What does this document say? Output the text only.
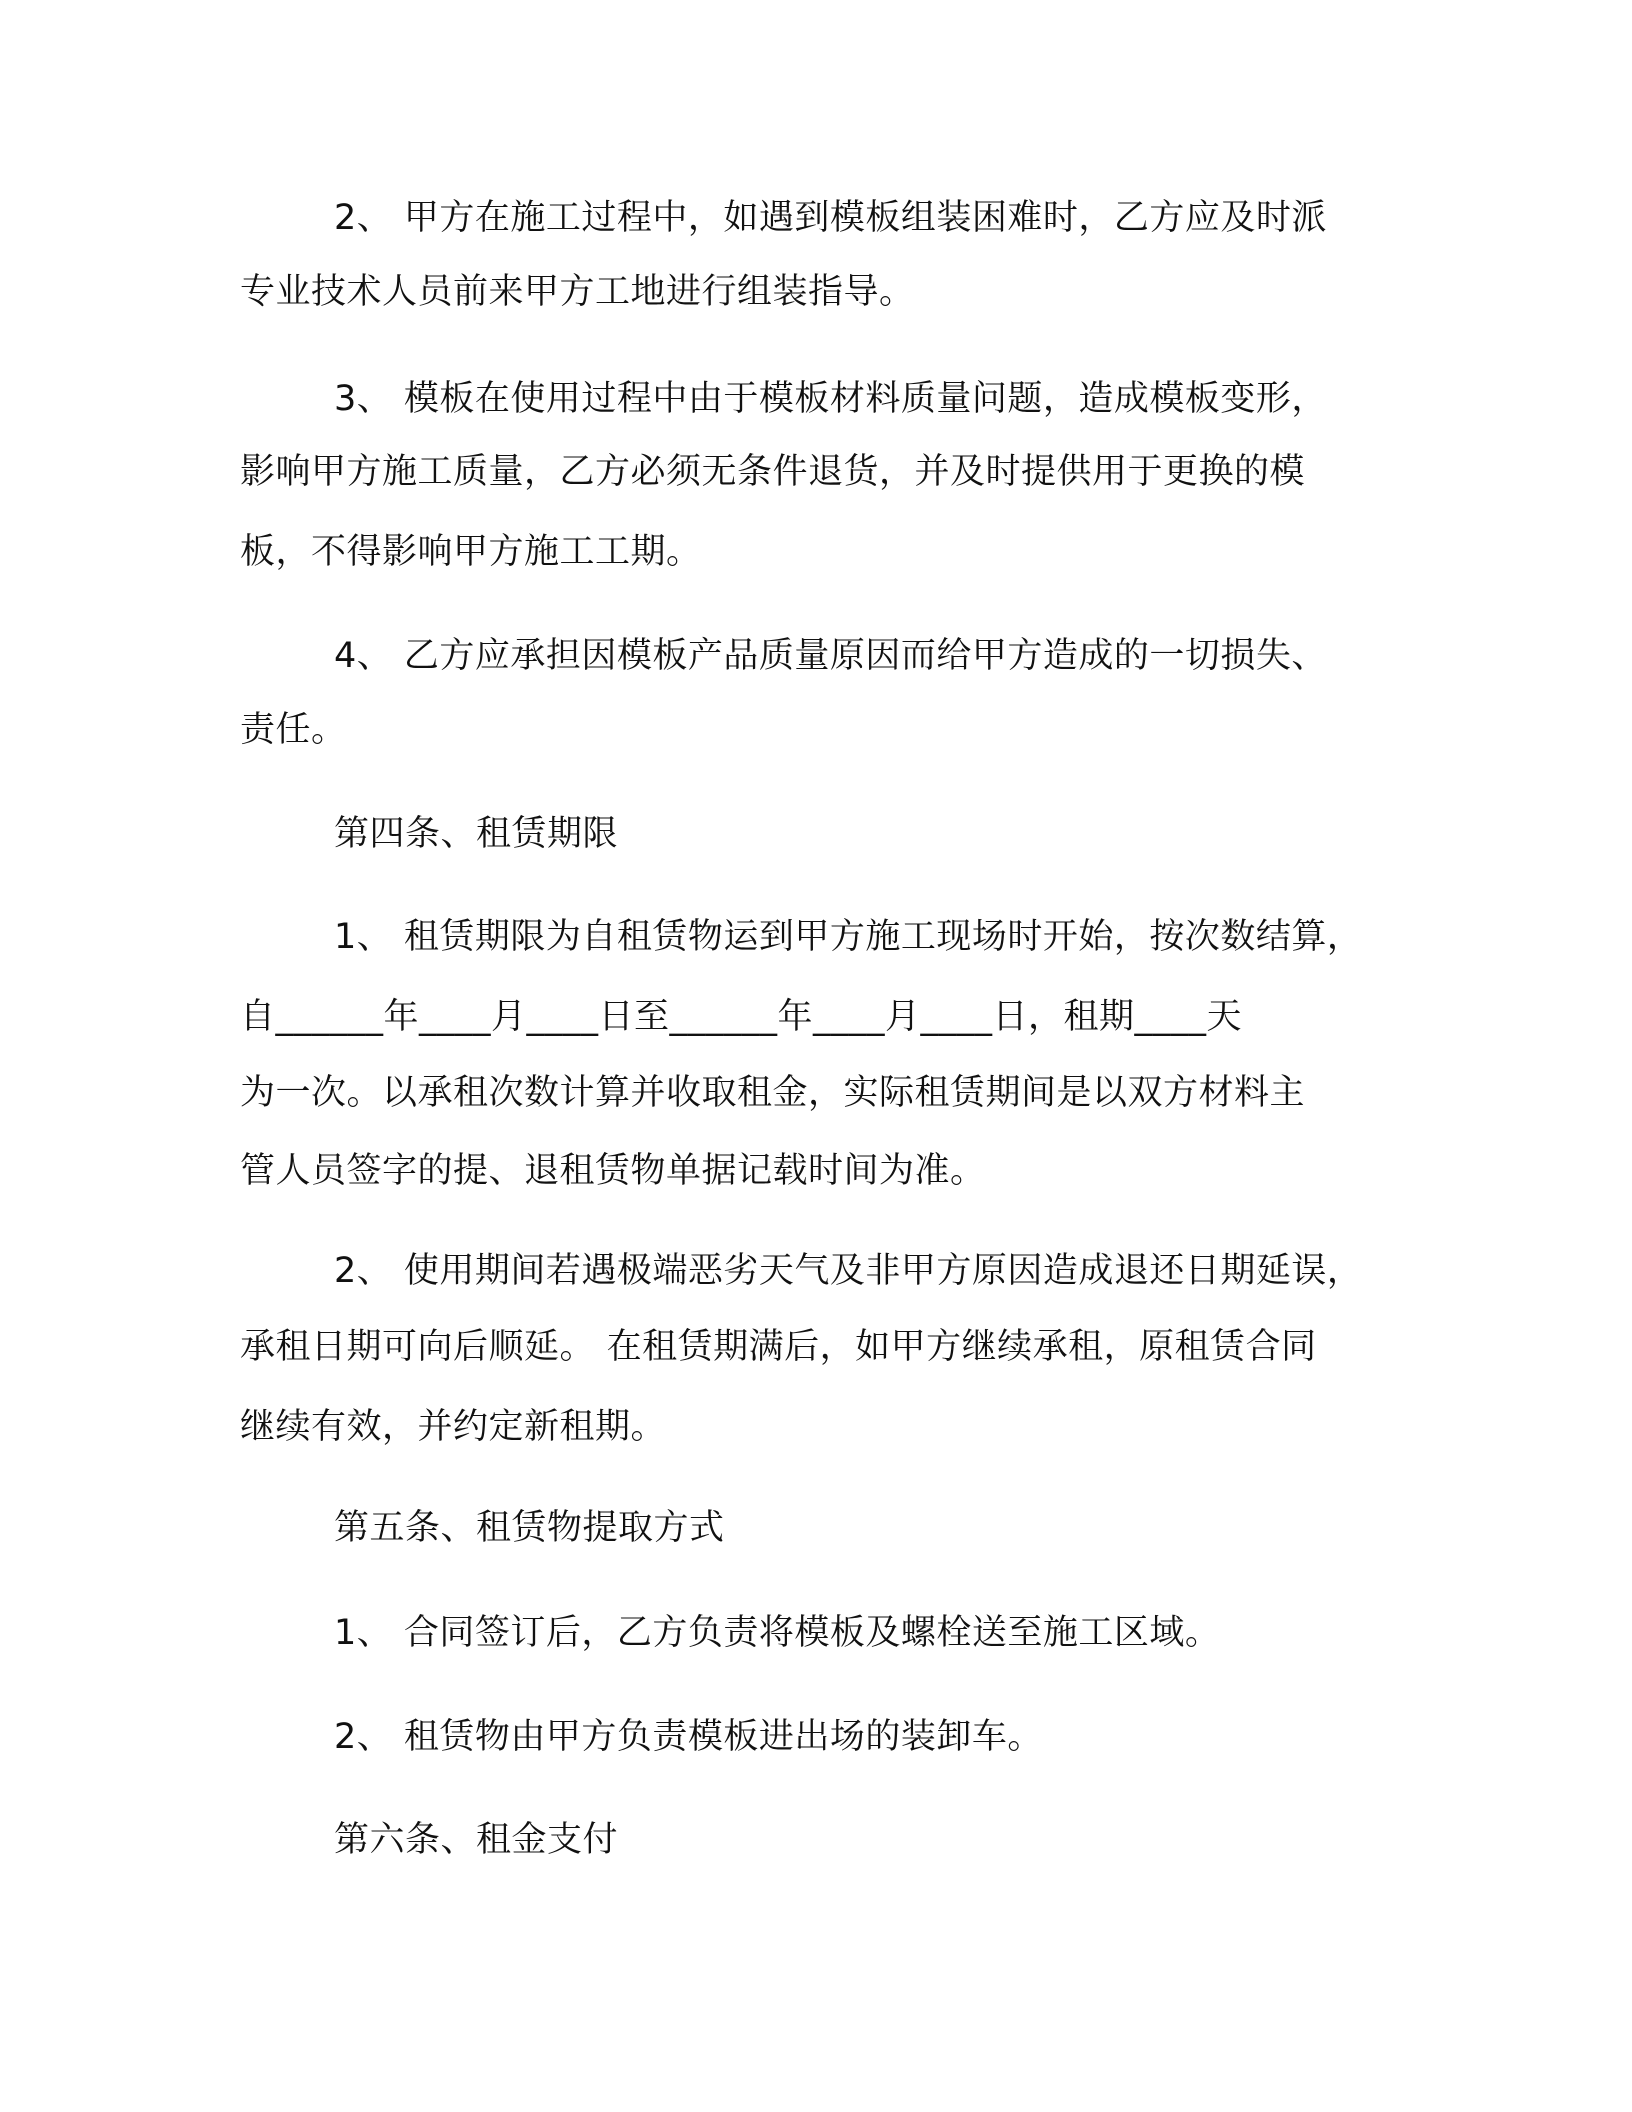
2、 甲方在施工过程中，如遇到模板组装困难时，乙方应及时派

专业技术人员前来甲方工地进行组装指导。

3、 模板在使用过程中由于模板材料质量问题，造成模板变形，

影响甲方施工质量，乙方必须无条件退货，并及时提供用于更换的模

板，不得影响甲方施工工期。

4、 乙方应承担因模板产品质量原因而给甲方造成的一切损失、

责任。

第四条、租赁期限

1、 租赁期限为自租赁物运到甲方施工现场时开始，按次数结算，

自______年____月____日至______年____月____日，租期____天

为一次。以承租次数计算并收取租金，实际租赁期间是以双方材料主

管人员签字的提、退租赁物单据记载时间为准。

2、 使用期间若遇极端恶劣天气及非甲方原因造成退还日期延误，

承租日期可向后顺延。 在租赁期满后，如甲方继续承租，原租赁合同

继续有效，并约定新租期。

第五条、租赁物提取方式

1、 合同签订后，乙方负责将模板及螺栓送至施工区域。

2、 租赁物由甲方负责模板进出场的装卸车。

第六条、租金支付
